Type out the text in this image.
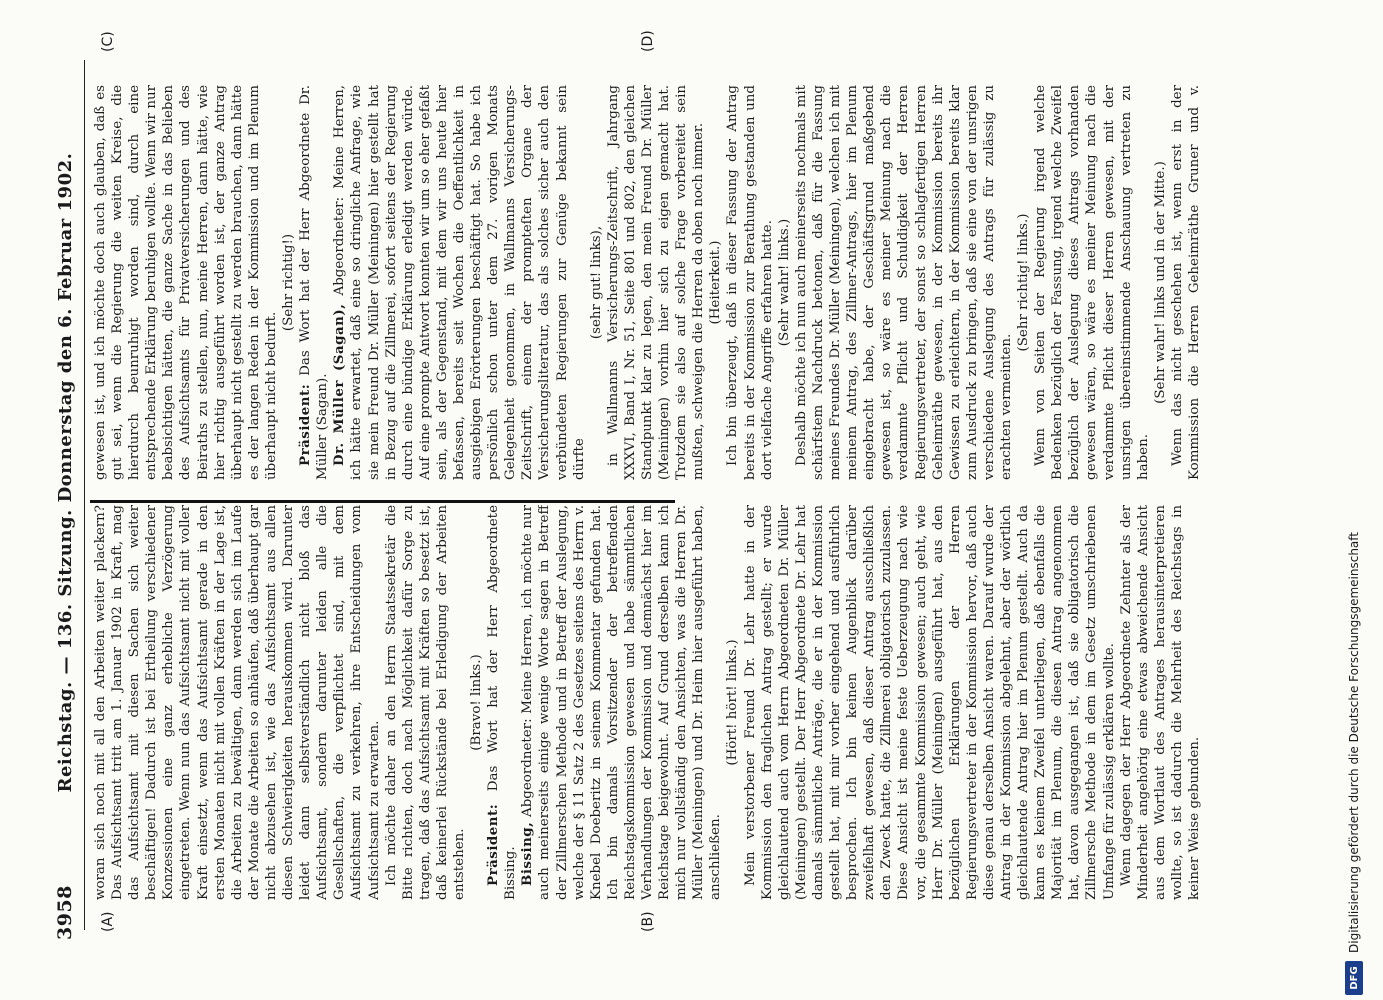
3958
Reichstag. — 136. Sitzung. Donnerstag den 6. Februar 1902.
(A)	(B)
(C)	(D)

woran sich noch mit all den Arbeiten weiter plackern? Das Aufsichtsamt tritt am 1. Januar 1902 in Kraft, mag das Aufsichtsamt mit diesen Sachen sich weiter beschäftigen! Dadurch ist bei Ertheilung verschiedener Konzessionen eine ganz erhebliche Verzögerung eingetreten. Wenn nun das Aufsichtsamt nicht mit voller Kraft einsetzt, wenn das Aufsichtsamt gerade in den ersten Monaten nicht mit vollen Kräften in der Lage ist, die Arbeiten zu bewältigen, dann werden sich im Laufe der Monate die Arbeiten so anhäufen, daß überhaupt gar nicht abzusehen ist, wie das Aufsichtsamt aus allen diesen Schwierigkeiten herauskommen wird. Darunter leidet dann selbstverständlich nicht bloß das Aufsichtsamt, sondern darunter leiden alle die Gesellschaften, die verpflichtet sind, mit dem Aufsichtsamt zu verkehren, ihre Entscheidungen vom Aufsichtsamt zu erwarten. Ich möchte daher an den Herrn Staatssekretär die Bitte richten, doch nach Möglichkeit dafür Sorge zu tragen, daß das Aufsichtsamt mit Kräften so besetzt ist, daß keinerlei Rückstände bei Erledigung der Arbeiten entstehen.

(Bravo! links.)

Präsident: Das Wort hat der Herr Abgeordnete Bissing. Bissing, Abgeordneter: Meine Herren, ich möchte nur auch meinerseits einige wenige Worte sagen in Betreff der Zillmerschen Methode und in Betreff der Auslegung, welche der § 11 Satz 2 des Gesetzes seitens des Herrn v. Knebel Doeberitz in seinem Kommentar gefunden hat. Ich bin damals Vorsitzender der betreffenden Reichstagskommission gewesen und habe sämmtlichen Verhandlungen der Kommission und demnächst hier im Reichstage beigewohnt. Auf Grund derselben kann ich mich nur vollständig den Ansichten, was die Herren Dr. Müller (Meiningen) und Dr. Heim hier ausgeführt haben, anschließen.

(Hört! hört! links.) Mein verstorbener Freund Dr. Lehr hatte in der Kommission den fraglichen Antrag gestellt; er wurde gleichlautend auch vom Herrn Abgeordneten Dr. Müller (Meiningen) gestellt. Der Herr Abgeordnete Dr. Lehr hat damals sämmtliche Anträge, die er in der Kommission gestellt hat, mit mir vorher eingehend und ausführlich besprochen. Ich bin keinen Augenblick darüber zweifelhaft gewesen, daß dieser Antrag ausschließlich den Zweck hatte, die Zillmerei obligatorisch zuzulassen. Diese Ansicht ist meine feste Ueberzeugung nach wie vor, die gesammte Kommission gewesen; auch geht, wie Herr Dr. Müller (Meiningen) ausgeführt hat, aus den bezüglichen Erklärungen der Herren Regierungsvertreter in der Kommission hervor, daß auch diese genau derselben Ansicht waren. Darauf wurde der Antrag in der Kommission abgelehnt, aber der wörtlich gleichlautende Antrag hier im Plenum gestellt. Auch da kann es keinem Zweifel unterliegen, daß ebenfalls die Majorität im Plenum, die diesen Antrag angenommen hat, davon ausgegangen ist, daß sie obligatorisch die Zillmersche Methode in dem im Gesetz umschriebenen Umfange für zulässig erklären wollte. Wenn dagegen der Herr Abgeordnete Zehnter als der Minderheit angehörig eine etwas abweichende Ansicht aus dem Wortlaut des Antrages herausinterpretieren wollte, so ist dadurch die Mehrheit des Reichstags in keiner Weise gebunden.

gewesen ist, und ich möchte doch auch glauben, daß es gut sei, wenn die Regierung die weiten Kreise, die hierdurch beunruhigt worden sind, durch eine entsprechende Erklärung beruhigen wollte. Wenn wir nur beabsichtigen hätten, die ganze Sache in das Belieben des Aufsichtsamts für Privatversicherungen und des Beiraths zu stellen, nun, meine Herren, dann hätte, wie hier richtig ausgeführt worden ist, der ganze Antrag überhaupt nicht gestellt zu werden brauchen, dann hätte es der langen Reden in der Kommission und im Plenum überhaupt nicht bedurft.

(Sehr richtig!)

Präsident: Das Wort hat der Herr Abgeordnete Dr. Müller (Sagan). Dr. Müller (Sagan), Abgeordneter: Meine Herren, ich hätte erwartet, daß eine so dringliche Anfrage, wie sie mein Freund Dr. Müller (Meiningen) hier gestellt hat in Bezug auf die Zillmerei, sofort seitens der Regierung durch eine bündige Erklärung erledigt werden würde. Auf eine prompte Antwort konnten wir um so eher gefaßt sein, als der Gegenstand, mit dem wir uns heute hier befassen, bereits seit Wochen die Oeffentlichkeit in ausgiebigen Erörterungen beschäftigt hat. So habe ich persönlich schon unter dem 27. vorigen Monats Gelegenheit genommen, in Wallmanns Versicherungs-Zeitschrift, einem der prompteſten Organe der Versicherungsliteratur, das als solches sicher auch den verbündeten Regierungen zur Genüge bekannt sein dürfte

(sehr gut! links), in Wallmanns Versicherungs-Zeitschrift, Jahrgang XXXVI, Band I, Nr. 51, Seite 801 und 802, den gleichen Standpunkt klar zu legen, den mein Freund Dr. Müller (Meiningen) vorhin hier sich zu eigen gemacht hat. Trotzdem sie also auf solche Frage vorbereitet sein mußten, schweigen die Herren da oben noch immer. (Heiterkeit.) Ich bin überzeugt, daß in dieser Fassung der Antrag bereits in der Kommission zur Berathung gestanden und dort vielfache Angriffe erfahren hatte. (Sehr wahr! links.) Deshalb möchte ich nun auch meinerseits nochmals mit schärfstem Nachdruck betonen, daß für die Fassung meines Freundes Dr. Müller (Meiningen), welchen ich mit meinem Antrag, des Zillmer-Antrags, hier im Plenum eingebracht habe, der Geschäftsgrund maßgebend gewesen ist, so wäre es meiner Meinung nach die verdammte Pflicht und Schuldigkeit der Herren Regierungsvertreter, der sonst so schlagfertigen Herren Geheimräthe gewesen, in der Kommission bereits ihr Gewissen zu erleichtern, in der Kommission bereits klar zum Ausdruck zu bringen, daß sie eine von der unsrigen verschiedene Auslegung des Antrags für zulässig zu erachten vermeinten.

(Sehr richtig! links.) Wenn von Seiten der Regierung irgend welche Bedenken bezüglich der Fassung, irgend welche Zweifel bezüglich der Auslegung dieses Antrags vorhanden gewesen wären, so wäre es meiner Meinung nach die verdammte Pflicht dieser Herren gewesen, mit der unsrigen übereinstimmende Anschauung vertreten zu haben.

(Sehr wahr! links und in der Mitte.)

Wenn das nicht geschehen ist, wenn erst in der Kommission die Herren Geheimräthe Gruner und v.

DFG
Digitalisierung gefördert durch die Deutsche Forschungsgemeinschaft
